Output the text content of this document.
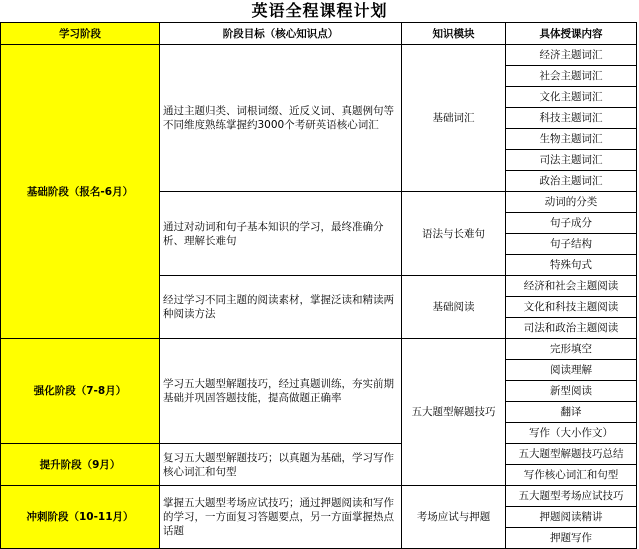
英语全程课程计划
学习阶段	阶段目标（核心知识点）	知识模块	具体授课内容
基础阶段（报名-6月）	通过主题归类、词根词缀、近反义词、真题例句等不同维度熟练掌握约3000个考研英语核心词汇	基础词汇	经济主题词汇
			社会主题词汇
			文化主题词汇
			科技主题词汇
			生物主题词汇
			司法主题词汇
			政治主题词汇
	通过对动词和句子基本知识的学习，最终准确分析、理解长难句	语法与长难句	动词的分类
			句子成分
			句子结构
			特殊句式
	经过学习不同主题的阅读素材，掌握泛读和精读两种阅读方法	基础阅读	经济和社会主题阅读
			文化和科技主题阅读
			司法和政治主题阅读
强化阶段（7-8月）	学习五大题型解题技巧，经过真题训练，夯实前期基础并巩固答题技能，提高做题正确率	五大题型解题技巧	完形填空
			阅读理解
			新型阅读
			翻译
			写作（大小作文）
提升阶段（9月）	复习五大题型解题技巧；以真题为基础，学习写作核心词汇和句型		五大题型解题技巧总结
			写作核心词汇和句型
冲刺阶段（10-11月）	掌握五大题型考场应试技巧；通过押题阅读和写作的学习，一方面复习答题要点，另一方面掌握热点话题	考场应试与押题	五大题型考场应试技巧
			押题阅读精讲
			押题写作
